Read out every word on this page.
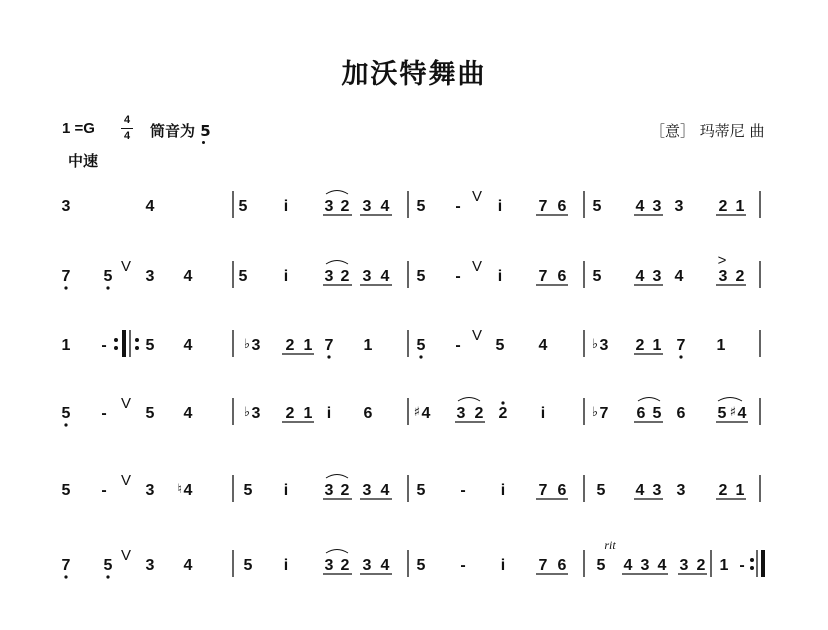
加沃特舞曲
1 =G	4
4 筒音为 5	［意］ 玛蒂尼 曲
中速
3	4	5 i 3 2 3 4 5 -
V
i 7 6 5 4 3 3 2 1
7 5
V
3 4	5 i 3 2 3 4 5 -
V
i 7 6 5 4 3 4
>
3 2
1 - 5 4	♭ 3 2 1 7 1	5 -
V
5 4	♭ 3 2 1 7 1
5 -
V
5 4	♭ 3 2 1 i 6	♯ 4 3 2 2 i	♭ 7 6 5 6 5 ♯ 4
5 -
V
3 ♮ 4	5 i 3 2 3 4 5 - i 7 6 5 4 3 3 2 1
7 5
V
3 4	5 i 3 2 3 4 5 - i 7 6
rit
5 4 3 4 3 2 1 -
